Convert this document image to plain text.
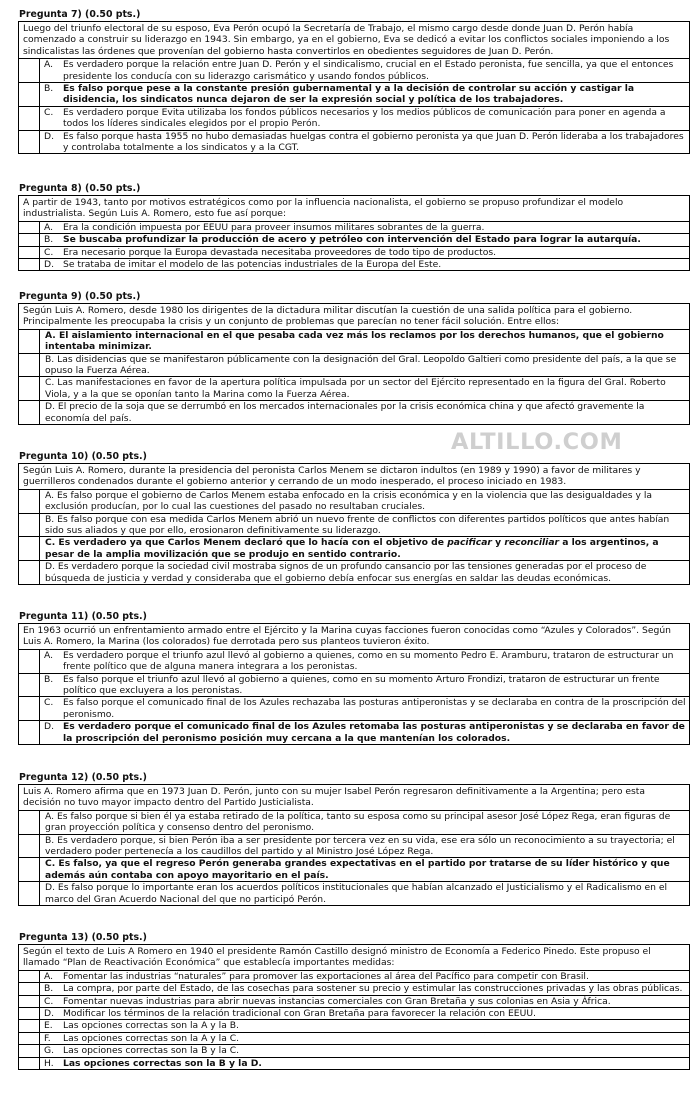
Pregunta 7) (0.50 pts.)
Luego del triunfo electoral de su esposo, Eva Perón ocupó la Secretaría de Trabajo, el mismo cargo desde donde Juan D. Perón había comenzado a construir su liderazgo en 1943. Sin embargo, ya en el gobierno, Eva se dedicó a evitar los conflictos sociales imponiendo a los sindicalistas las órdenes que provenían del gobierno hasta convertirlos en obedientes seguidores de Juan D. Perón.
A.	Es verdadero porque la relación entre Juan D. Perón y el sindicalismo, crucial en el Estado peronista, fue sencilla, ya que el entonces presidente los conducía con su liderazgo carismático y usando fondos públicos.
B.	Es falso porque pese a la constante presión gubernamental y a la decisión de controlar su acción y castigar la disidencia, los sindicatos nunca dejaron de ser la expresión social y política de los trabajadores.
C.	Es verdadero porque Evita utilizaba los fondos públicos necesarios y los medios públicos de comunicación para poner en agenda a todos los líderes sindicales elegidos por el propio Perón.
D. Es falso porque hasta 1955 no hubo demasiadas huelgas contra el gobierno peronista ya que Juan D. Perón lideraba a los trabajadores y controlaba totalmente a los sindicatos y a la CGT.
Pregunta 8) (0.50 pts.)
A partir de 1943, tanto por motivos estratégicos como por la influencia nacionalista, el gobierno se propuso profundizar el modelo industrialista. Según Luis A. Romero, esto fue así porque:
A.	Era la condición impuesta por EEUU para proveer insumos militares sobrantes de la guerra.
B.	Se buscaba profundizar la producción de acero y petróleo con intervención del Estado para lograr la autarquía.
C.	Era necesario porque la Europa devastada necesitaba proveedores de todo tipo de productos.
D. Se trataba de imitar el modelo de las potencias industriales de la Europa del Este.
Pregunta 9) (0.50 pts.)
Según Luis A. Romero, desde 1980 los dirigentes de la dictadura militar discutían la cuestión de una salida política para el gobierno. Principalmente les preocupaba la crisis y un conjunto de problemas que parecían no tener fácil solución. Entre ellos:
A. El aislamiento internacional en el que pesaba cada vez más los reclamos por los derechos humanos, que el gobierno intentaba minimizar.
B. Las disidencias que se manifestaron públicamente con la designación del Gral. Leopoldo Galtieri como presidente del país, a la que se opuso la Fuerza Aérea.
C. Las manifestaciones en favor de la apertura política impulsada por un sector del Ejército representado en la figura del Gral. Roberto Viola, y a la que se oponían tanto la Marina como la Fuerza Aérea.
D. El precio de la soja que se derrumbó en los mercados internacionales por la crisis económica china y que afectó gravemente la economía del país.
Pregunta 10) (0.50 pts.)
Según Luis A. Romero, durante la presidencia del peronista Carlos Menem se dictaron indultos (en 1989 y 1990) a favor de militares y guerrilleros condenados durante el gobierno anterior y cerrando de un modo inesperado, el proceso iniciado en 1983.
A. Es falso porque el gobierno de Carlos Menem estaba enfocado en la crisis económica y en la violencia que las desigualdades y la exclusión producían, por lo cual las cuestiones del pasado no resultaban cruciales.
B. Es falso porque con esa medida Carlos Menem abrió un nuevo frente de conflictos con diferentes partidos políticos que antes habían sido sus aliados y que por ello, erosionaron definitivamente su liderazgo.
C. Es verdadero ya que Carlos Menem declaró que lo hacía con el objetivo de pacificar y reconciliar a los argentinos, a pesar de la amplia movilización que se produjo en sentido contrario.
D. Es verdadero porque la sociedad civil mostraba signos de un profundo cansancio por las tensiones generadas por el proceso de búsqueda de justicia y verdad y consideraba que el gobierno debía enfocar sus energías en saldar las deudas económicas.
Pregunta 11) (0.50 pts.)
En 1963 ocurrió un enfrentamiento armado entre el Ejército y la Marina cuyas facciones fueron conocidas como “Azules y Colorados”. Según Luis A. Romero, la Marina (los colorados) fue derrotada pero sus planteos tuvieron éxito.
A.	Es verdadero porque el triunfo azul llevó al gobierno a quienes, como en su momento Pedro E. Aramburu, trataron de estructurar un frente político que de alguna manera integrara a los peronistas.
B.	Es falso porque el triunfo azul llevó al gobierno a quienes, como en su momento Arturo Frondizi, trataron de estructurar un frente político que excluyera a los peronistas.
C.	Es falso porque el comunicado final de los Azules rechazaba las posturas antiperonistas y se declaraba en contra de la proscripción del peronismo.
D. Es verdadero porque el comunicado final de los Azules retomaba las posturas antiperonistas y se declaraba en favor de la proscripción del peronismo posición muy cercana a la que mantenían los colorados.
Pregunta 12) (0.50 pts.)
Luis A. Romero afirma que en 1973 Juan D. Perón, junto con su mujer Isabel Perón regresaron definitivamente a la Argentina; pero esta decisión no tuvo mayor impacto dentro del Partido Justicialista.
A. Es falso porque si bien él ya estaba retirado de la política, tanto su esposa como su principal asesor José López Rega, eran figuras de gran proyección política y consenso dentro del peronismo.
B. Es verdadero porque, si bien Perón iba a ser presidente por tercera vez en su vida, ese era sólo un reconocimiento a su trayectoria; el verdadero poder pertenecía a los caudillos del partido y al Ministro José López Rega.
C. Es falso, ya que el regreso Perón generaba grandes expectativas en el partido por tratarse de su líder histórico y que además aún contaba con apoyo mayoritario en el país.
D. Es falso porque lo importante eran los acuerdos políticos institucionales que habían alcanzado el Justicialismo y el Radicalismo en el marco del Gran Acuerdo Nacional del que no participó Perón.
Pregunta 13) (0.50 pts.)
Según el texto de Luis A Romero en 1940 el presidente Ramón Castillo designó ministro de Economía a Federico Pinedo. Este propuso el llamado “Plan de Reactivación Económica” que establecía importantes medidas:
A.	Fomentar las industrias “naturales” para promover las exportaciones al área del Pacífico para competir con Brasil.
B.	La compra, por parte del Estado, de las cosechas para sostener su precio y estimular las construcciones privadas y las obras públicas.
C.	Fomentar nuevas industrias para abrir nuevas instancias comerciales con Gran Bretaña y sus colonias en Asia y África.
D. Modificar los términos de la relación tradicional con Gran Bretaña para favorecer la relación con EEUU.
E.	Las opciones correctas son la A y la B.
F.	Las opciones correctas son la A y la C.
G. Las opciones correctas son la B y la C.
H.	Las opciones correctas son la B y la D.
ALTILLO.COM
